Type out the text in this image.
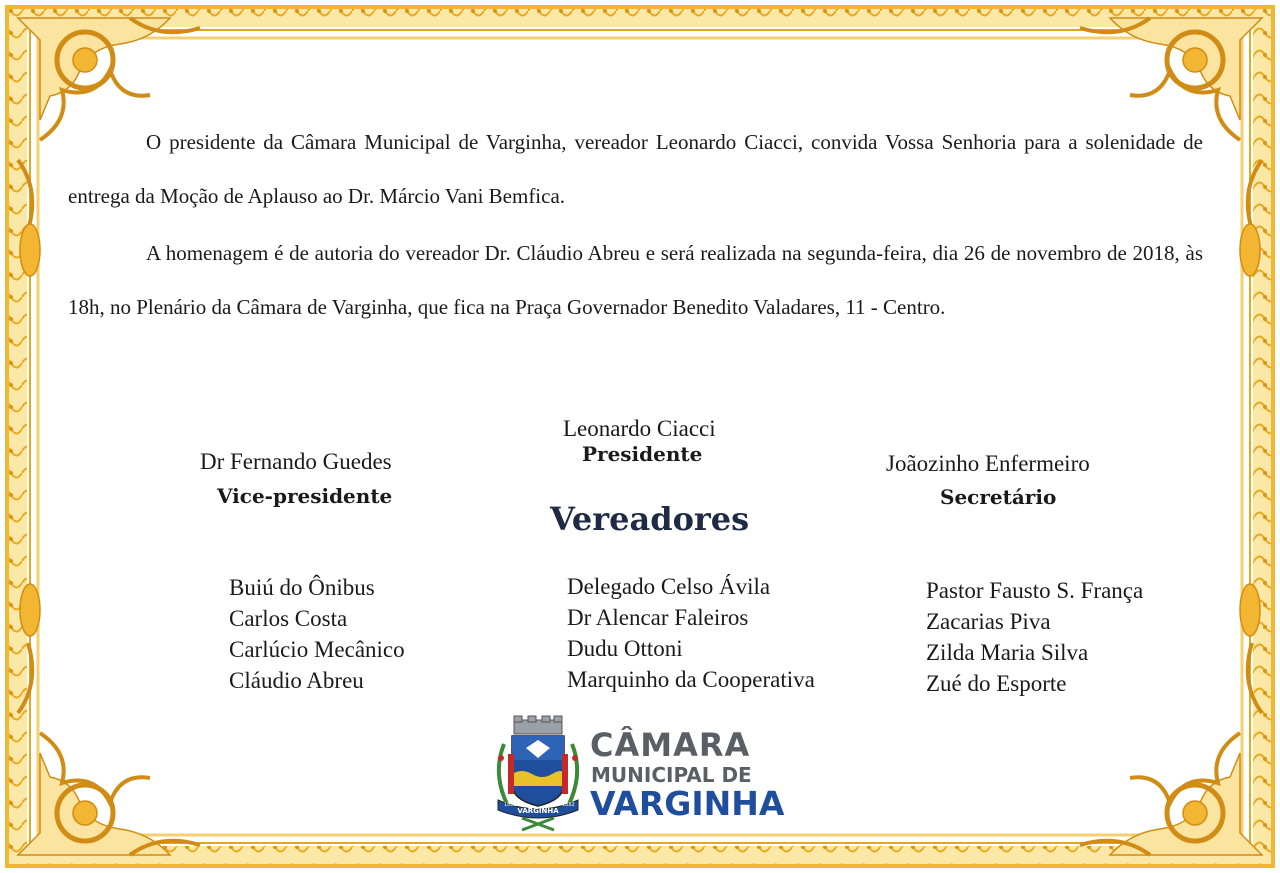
O presidente da Câmara Municipal de Varginha, vereador Leonardo Ciacci, convida Vossa Senhoria para a solenidade de entrega da Moção de Aplauso ao Dr. Márcio Vani Bemfica.

A homenagem é de autoria do vereador Dr. Cláudio Abreu e será realizada na segunda-feira, dia 26 de novembro de 2018, às 18h, no Plenário da Câmara de Varginha, que fica na Praça Governador Benedito Valadares, 11 - Centro.

Leonardo Ciacci
Presidente
Dr Fernando Guedes
Vice-presidente
Joãozinho Enfermeiro
Secretário
Vereadores
Buiú do Ônibus
Carlos Costa
Carlúcio Mecânico
Cláudio Abreu
Delegado Celso Ávila
Dr Alencar Faleiros
Dudu Ottoni
Marquinho da Cooperativa
Pastor Fausto S. França
Zacarias Piva
Zilda Maria Silva
Zué do Esporte
VARGINHA
1882	1882
CÂMARA
MUNICIPAL DE
VARGINHA
